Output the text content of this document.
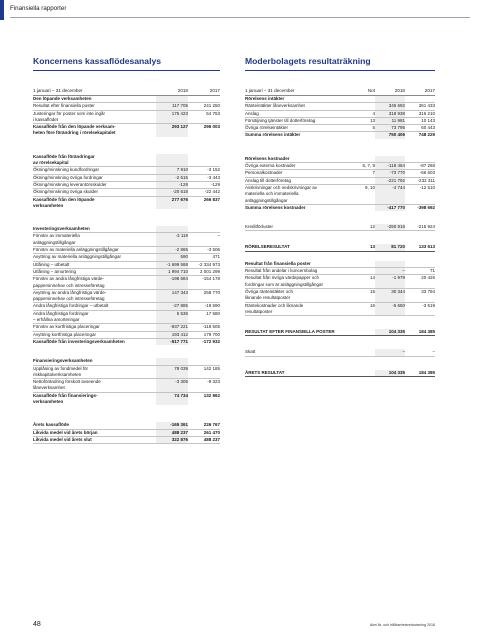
Finansiella rapporter
Koncernens kassaflödesanalys
1 januari – 31 december	2018	2017
Den löpande verksamheten
Resultat efter finansiella poster	117 705	241 250
Justeringar för poster som inte ingår
i kassaflödet
175 423	54 753
Kassaflöde från den löpande verksam-
heten före förändring i rörelsekapitalet
293 127	296 003
Kassaflöde från förändringar
av rörelsekapital
Ökning/minskning kundfordringar	7 910	-3 152
Ökning/minskning övriga fordringar	-2 615	-3 443
Ökning/minskning leverantörsskulder	-128	-129
Ökning/minskning övriga skulder	-20 618	-22 442
Kassaflöde från den löpande
verksamheten
277 676	266 837
Investeringsverksamheten
Förvärv av immateriella
anläggningstillgångar
-3 119	–
Förvärv av materiella anläggningstillgångar	-2 865	-3 506
Avyttring av materiella anläggningstillgångar	590	471
Utlåning – utbetalt	-1 699 588	-2 334 973
Utlåning – amortering	1 994 710	2 001 299
Förvärv av andra långfristiga värde-
pappersinnehav och intresseföretag
-198 684	-154 178
Avyttring av andra långfristiga värde-
pappersinnehav och intresseföretag
147 343	258 770
Andra långfristiga fordringar – utbetalt	-27 885	-19 590
Andra långfristiga fordringar
– erhållna amorteringar
5 536	17 580
Förvärv av kortfristiga placeringar	-937 221	-118 505
Avyttring kortfristiga placeringar	193 412	179 700
Kassaflöde från investeringsverksamheten	-517 771	-172 932
Finansieringsverksamheten
Upplåning av fondmedel för
riskkapitalverksamheten
78 039	142 185
Nettoförändring förskott avseende
låneverksamhet
-3 305	-9 323
Kassaflöde från finansierings-
verksamheten
74 734	132 862
Årets kassaflöde	-165 361	226 767
Likvida medel vid årets början	488 237	261 470
Likvida medel vid årets slut	322 876	488 237
Moderbolagets resultaträkning
1 januari – 31 december	Not	2018	2017
Rörelsens intäkter
Ränteintäkter låneverksamhet	345 692	361 433
Anslag	4	318 938	316 210
Försäljning tjänster till dotterföretag	13	11 981	10 143
Övriga rörelseintäkter	5	73 795	60 443
Summa rörelsens intäkter	750 406	748 229
Rörelsens kostnader
Övriga externa kostnader	6, 7, 8	-118 464	-87 268
Personalkostnader	7	-73 770	-66 603
Anslag till dotterföretag	-221 792	-232 311
Avskrivningar och nedskrivningar av
materiella och immateriella
anläggningstillgångar
9, 10	-4 744	-12 510
Summa rörelsens kostnader	-417 770	-398 692
Kreditförluster	12	-250 916	-215 924
RÖRELSERESULTAT	13	81 720	133 613
Resultat från finansiella poster
Resultat från andelar i koncernbolag	–	71
Resultat från övriga värdepapper och
fordringar som är anläggningstillgångar
14	-1 979	20 426
Övriga ränteintäkter och
liknande resultatposter
15	30 344	33 794
Räntekostnader och liknande
resultatposter
16	-5 650	-3 519
RESULTAT EFTER FINANSIELLA POSTER	104 335	184 385
Skatt	–	–
ÅRETS RESULTAT	104 335	184 385
48	Almi år- och hållbarhetsredovisning 2018
